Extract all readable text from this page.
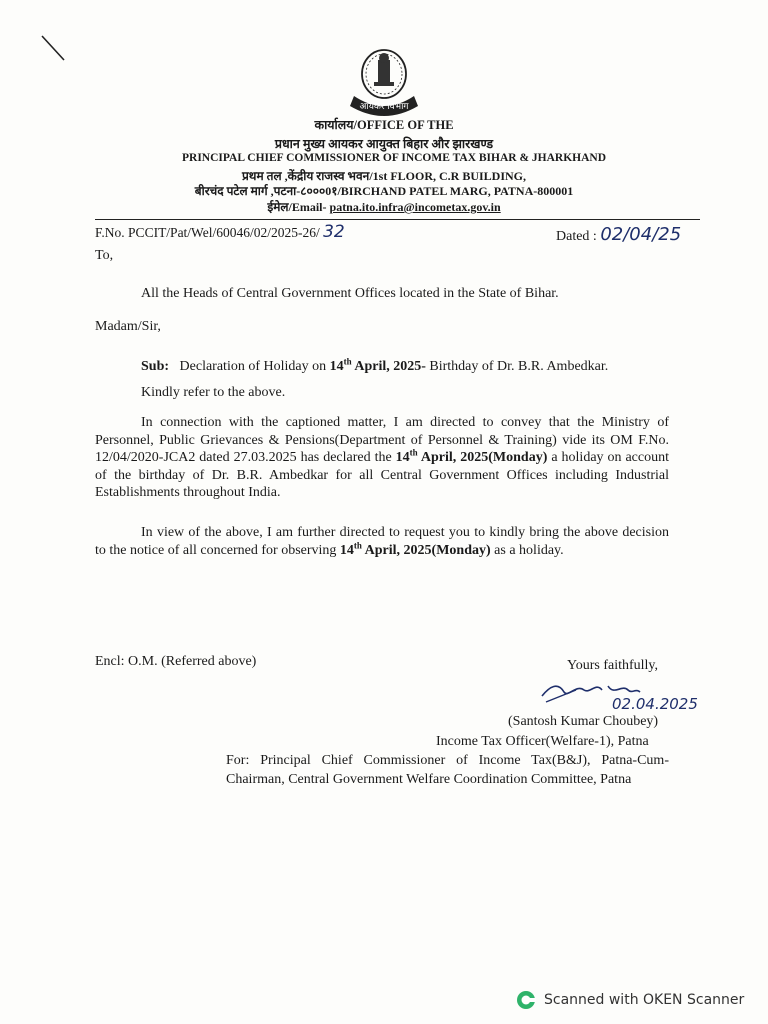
आयकर विभाग
कार्यालय/OFFICE OF THE
प्रधान मुख्य आयकर आयुक्त बिहार और झारखण्ड
PRINCIPAL CHIEF COMMISSIONER OF INCOME TAX BIHAR & JHARKHAND
प्रथम तल ,केंद्रीय राजस्व भवन/1st FLOOR, C.R BUILDING,
बीरचंद पटेल मार्ग ,पटना-८०००0१/BIRCHAND PATEL MARG, PATNA-800001
ईमेल/Email- patna.ito.infra@incometax.gov.in
F.No. PCCIT/Pat/Wel/60046/02/2025-26/ 32	Dated : 02/04/25
To,
All the Heads of Central Government Offices located in the State of Bihar.
Madam/Sir,
Sub: Declaration of Holiday on 14th April, 2025- Birthday of Dr. B.R. Ambedkar.
Kindly refer to the above.
In connection with the captioned matter, I am directed to convey that the Ministry of Personnel, Public Grievances & Pensions(Department of Personnel & Training) vide its OM F.No. 12/04/2020-JCA2 dated 27.03.2025 has declared the 14th April, 2025(Monday) a holiday on account of the birthday of Dr. B.R. Ambedkar for all Central Government Offices including Industrial Establishments throughout India.
In view of the above, I am further directed to request you to kindly bring the above decision to the notice of all concerned for observing 14th April, 2025(Monday) as a holiday.
Encl: O.M. (Referred above)	Yours faithfully,
02.04.2025
(Santosh Kumar Choubey)
Income Tax Officer(Welfare-1), Patna
For: Principal Chief Commissioner of Income Tax(B&J), Patna-Cum-Chairman, Central Government Welfare Coordination Committee, Patna
Scanned with OKEN Scanner
